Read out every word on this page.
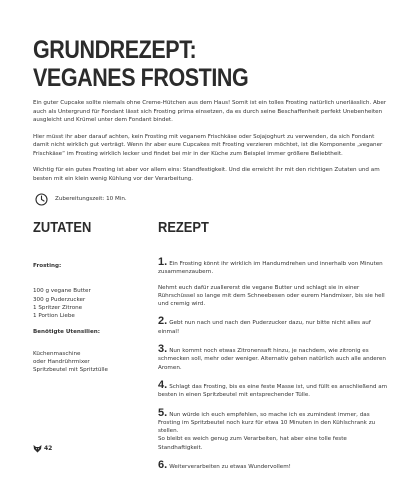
GRUNDREZEPT:
VEGANES FROSTING

Ein guter Cupcake sollte niemals ohne Creme-Hütchen aus dem Haus! Somit ist ein tolles Frosting natürlich unerlässlich. Aber auch als Untergrund für Fondant lässt sich Frosting prima einsetzen, da es durch seine Beschaffenheit perfekt Unebenheiten ausgleicht und Krümel unter dem Fondant bindet.

Hier müsst ihr aber darauf achten, kein Frosting mit veganem Frischkäse oder Sojajoghurt zu verwenden, da sich Fondant damit nicht wirklich gut verträgt. Wenn ihr aber eure Cupcakes mit Frosting verzieren möchtet, ist die Komponente „veganer Frischkäse“ im Frosting wirklich lecker und findet bei mir in der Küche zum Beispiel immer größere Beliebtheit.

Wichtig für ein gutes Frosting ist aber vor allem eins: Standfestigkeit. Und die erreicht ihr mit den richtigen Zutaten und am besten mit ein klein wenig Kühlung vor der Verarbeitung.

Zubereitungszeit: 10 Min.
ZUTATEN	REZEPT
Frosting:
100 g vegane Butter
300 g Puderzucker
1 Spritzer Zitrone
1 Portion Liebe
Benötigte Utensilien:
Küchenmaschine
oder Handrührmixer
Spritzbeutel mit Spritztülle
1. Ein Frosting könnt ihr wirklich im Handumdrehen und innerhalb von Minuten zusammenzaubern.
Nehmt euch dafür zuallererst die vegane Butter und schlagt sie in einer Rührschüssel so lange mit dem Schneebesen oder eurem Handmixer, bis sie hell und cremig wird.
2. Gebt nun nach und nach den Puderzucker dazu, nur bitte nicht alles auf einmal!
3. Nun kommt noch etwas Zitronensaft hinzu, je nachdem, wie zitronig es schmecken soll, mehr oder weniger. Alternativ gehen natürlich auch alle anderen Aromen.
4. Schlagt das Frosting, bis es eine feste Masse ist, und füllt es anschließend am besten in einen Spritzbeutel mit entsprechender Tülle.
5. Nun würde ich euch empfehlen, so mache ich es zumindest immer, das Frosting im Spritzbeutel noch kurz für etwa 10 Minuten in den Kühlschrank zu stellen.
So bleibt es weich genug zum Verarbeiten, hat aber eine tolle feste Standhaftigkeit.
6. Weiterverarbeiten zu etwas Wundervollem!
42
